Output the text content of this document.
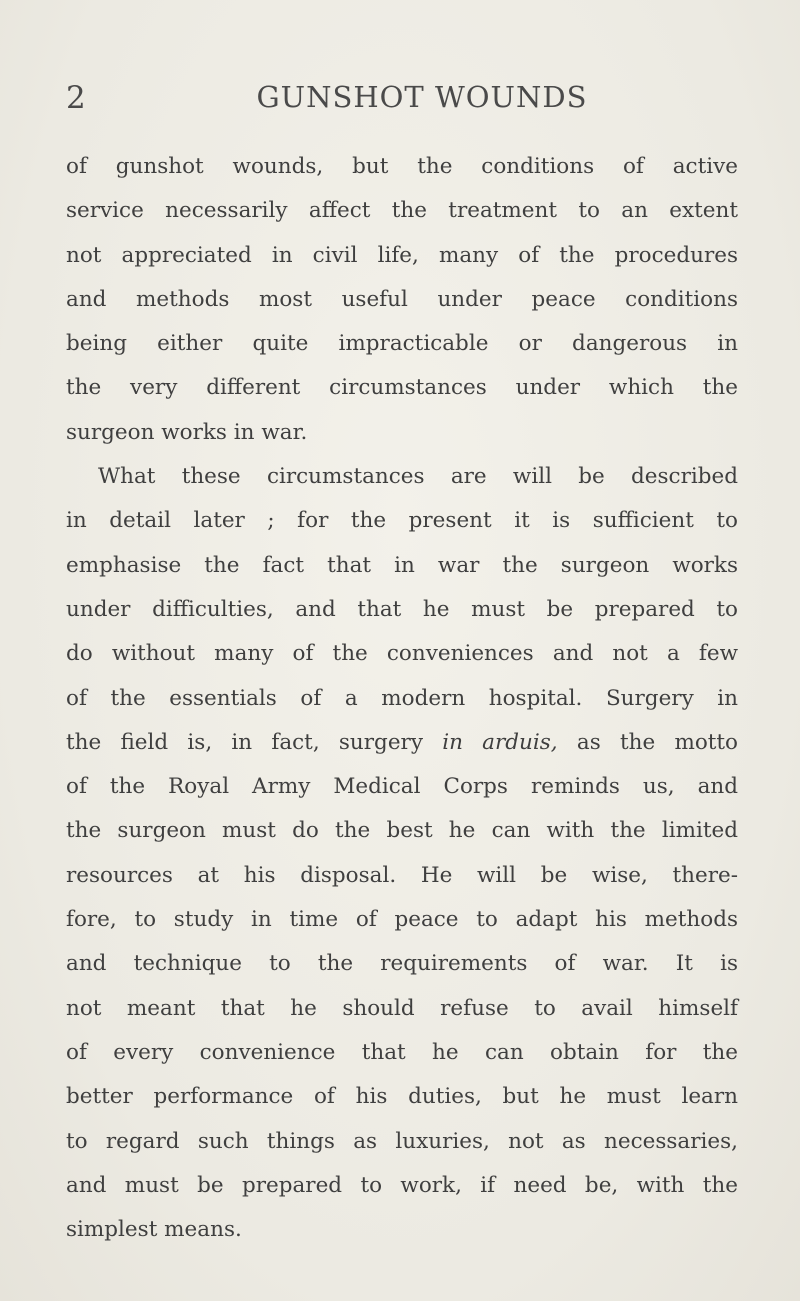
2	GUNSHOT WOUNDS
of gunshot wounds, but the conditions of active
service necessarily affect the treatment to an extent
not appreciated in civil life, many of the procedures
and methods most useful under peace conditions
being either quite impracticable or dangerous in
the very different circumstances under which the
surgeon works in war.
What these circumstances are will be described
in detail later ; for the present it is sufficient to
emphasise the fact that in war the surgeon works
under difficulties, and that he must be prepared to
do without many of the conveniences and not a few
of the essentials of a modern hospital. Surgery in
the field is, in fact, surgery in arduis, as the motto
of the Royal Army Medical Corps reminds us, and
the surgeon must do the best he can with the limited
resources at his disposal. He will be wise, there-
fore, to study in time of peace to adapt his methods
and technique to the requirements of war. It is
not meant that he should refuse to avail himself
of every convenience that he can obtain for the
better performance of his duties, but he must learn
to regard such things as luxuries, not as necessaries,
and must be prepared to work, if need be, with the
simplest means.
